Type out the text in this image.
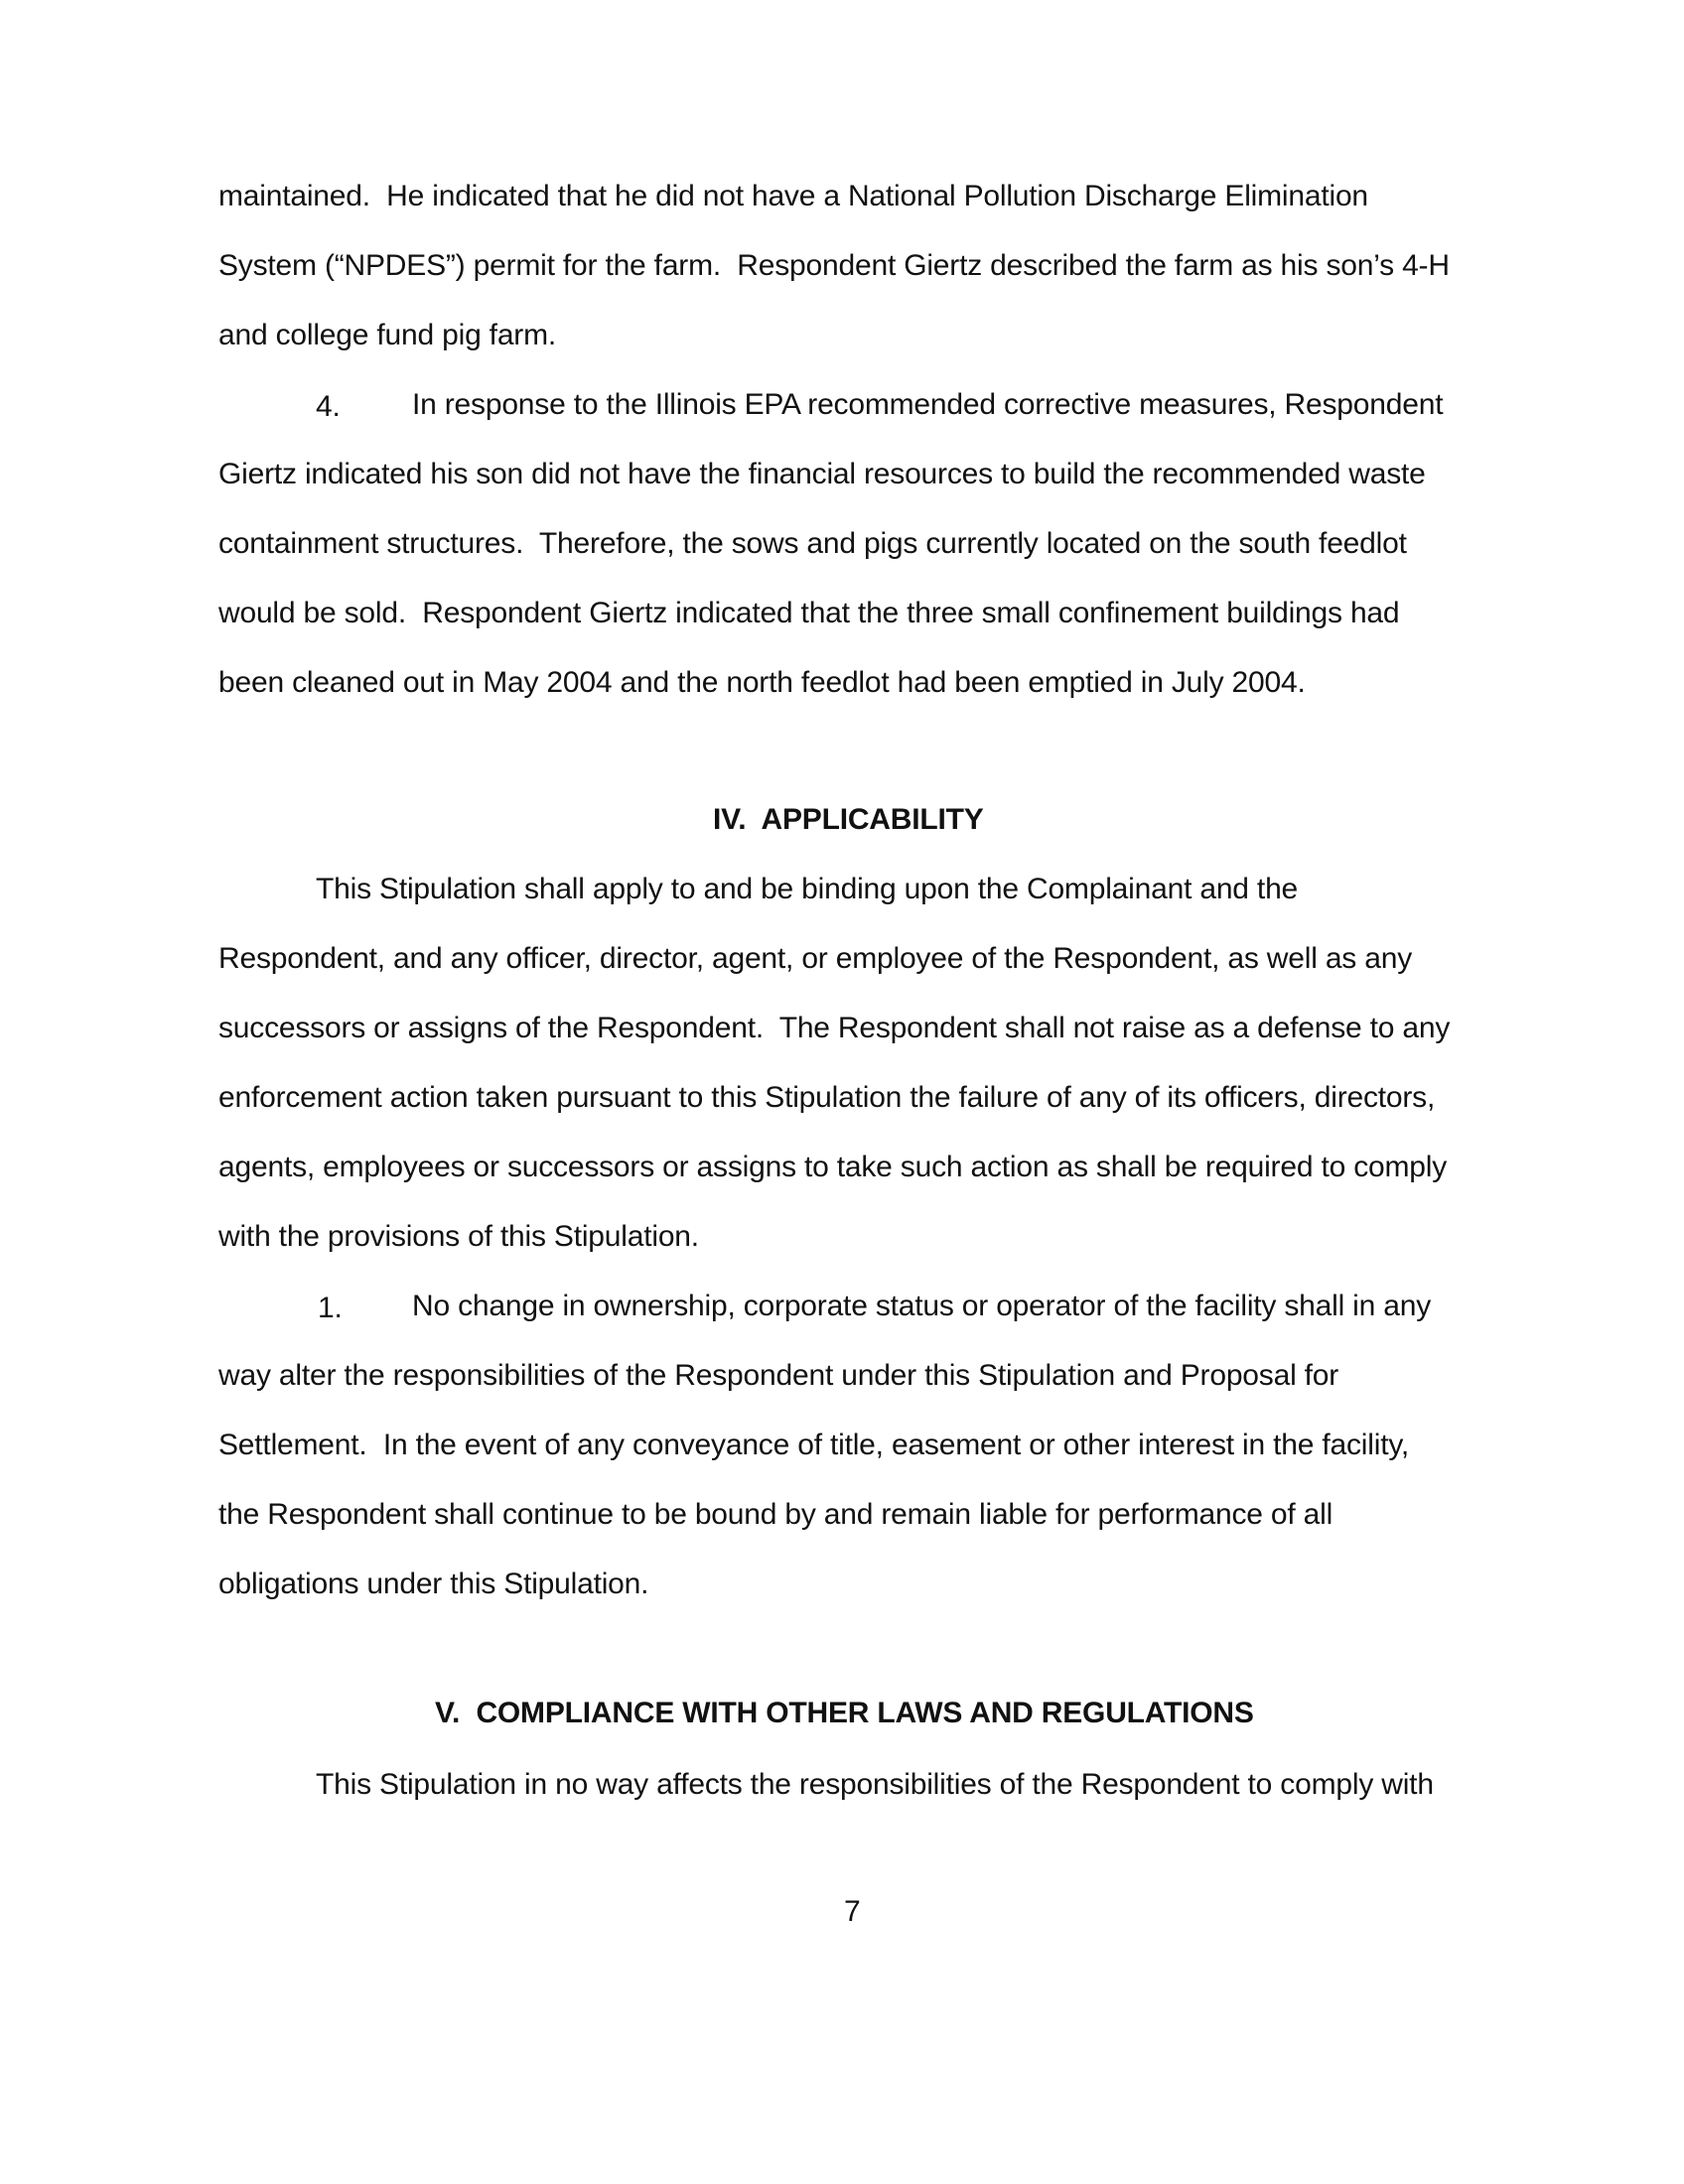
maintained.  He indicated that he did not have a National Pollution Discharge Elimination
System (“NPDES”) permit for the farm.  Respondent Giertz described the farm as his son’s 4-H
and college fund pig farm.
4. In response to the Illinois EPA recommended corrective measures, Respondent
Giertz indicated his son did not have the financial resources to build the recommended waste
containment structures.  Therefore, the sows and pigs currently located on the south feedlot
would be sold.  Respondent Giertz indicated that the three small confinement buildings had
been cleaned out in May 2004 and the north feedlot had been emptied in July 2004.
IV.  APPLICABILITY
This Stipulation shall apply to and be binding upon the Complainant and the
Respondent, and any officer, director, agent, or employee of the Respondent, as well as any
successors or assigns of the Respondent.  The Respondent shall not raise as a defense to any
enforcement action taken pursuant to this Stipulation the failure of any of its officers, directors,
agents, employees or successors or assigns to take such action as shall be required to comply
with the provisions of this Stipulation.
1. No change in ownership, corporate status or operator of the facility shall in any
way alter the responsibilities of the Respondent under this Stipulation and Proposal for
Settlement.  In the event of any conveyance of title, easement or other interest in the facility,
the Respondent shall continue to be bound by and remain liable for performance of all
obligations under this Stipulation.
V.  COMPLIANCE WITH OTHER LAWS AND REGULATIONS
This Stipulation in no way affects the responsibilities of the Respondent to comply with
7
